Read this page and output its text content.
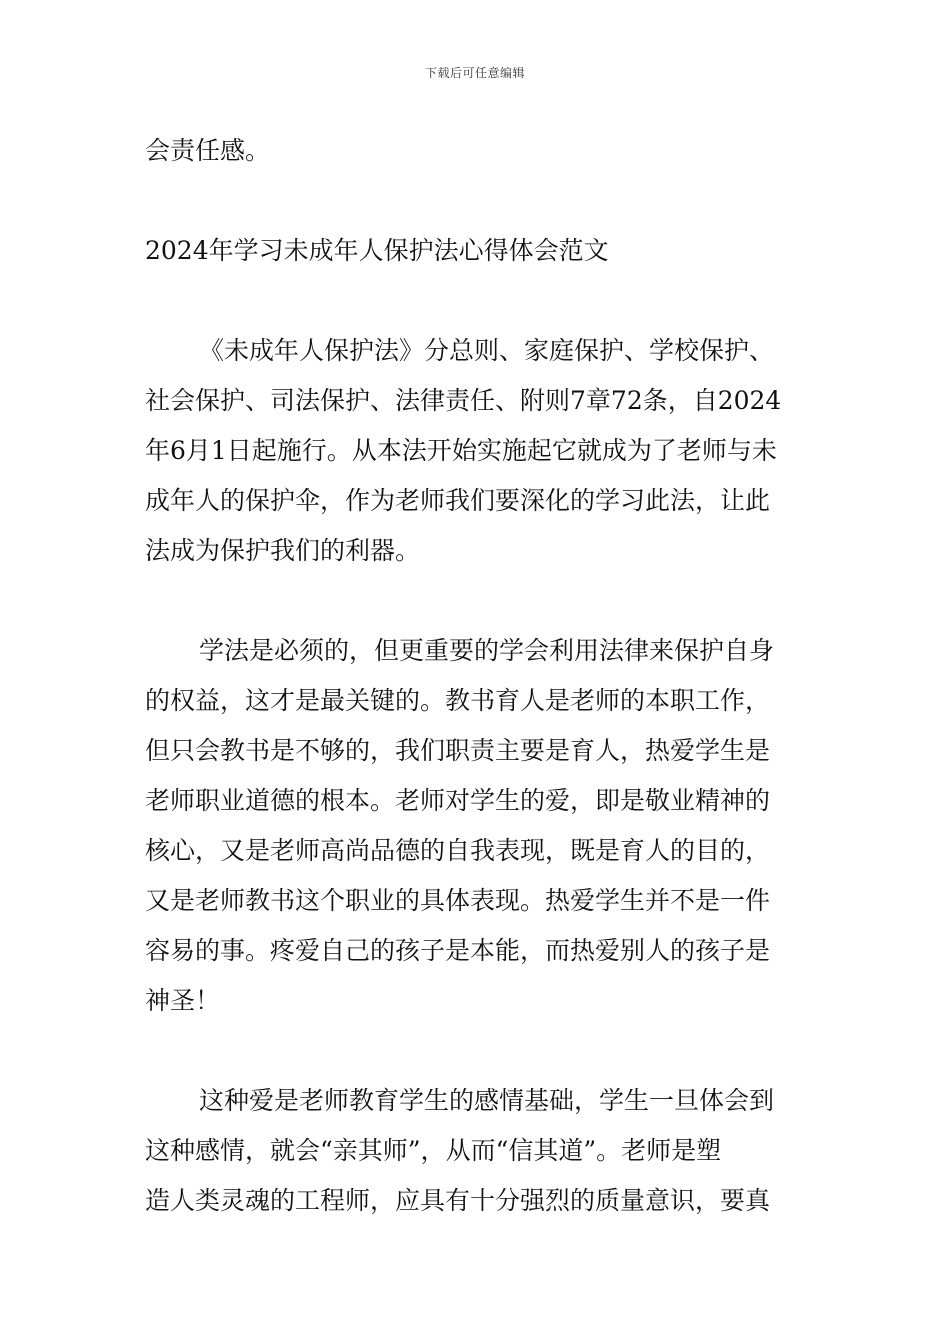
下载后可任意编辑
会责任感。
2024年学习未成年人保护法心得体会范文
《未成年人保护法》分总则、家庭保护、学校保护、
社会保护、司法保护、法律责任、附则7章72条，自2024
年6月1日起施行。从本法开始实施起它就成为了老师与未
成年人的保护伞，作为老师我们要深化的学习此法，让此
法成为保护我们的利器。
学法是必须的，但更重要的学会利用法律来保护自身
的权益，这才是最关键的。教书育人是老师的本职工作，
但只会教书是不够的，我们职责主要是育人，热爱学生是
老师职业道德的根本。老师对学生的爱，即是敬业精神的
核心，又是老师高尚品德的自我表现，既是育人的目的，
又是老师教书这个职业的具体表现。热爱学生并不是一件
容易的事。疼爱自己的孩子是本能，而热爱别人的孩子是
神圣！
这种爱是老师教育学生的感情基础，学生一旦体会到
这种感情，就会“亲其师”，从而“信其道”。老师是塑
造人类灵魂的工程师，应具有十分强烈的质量意识，要真
